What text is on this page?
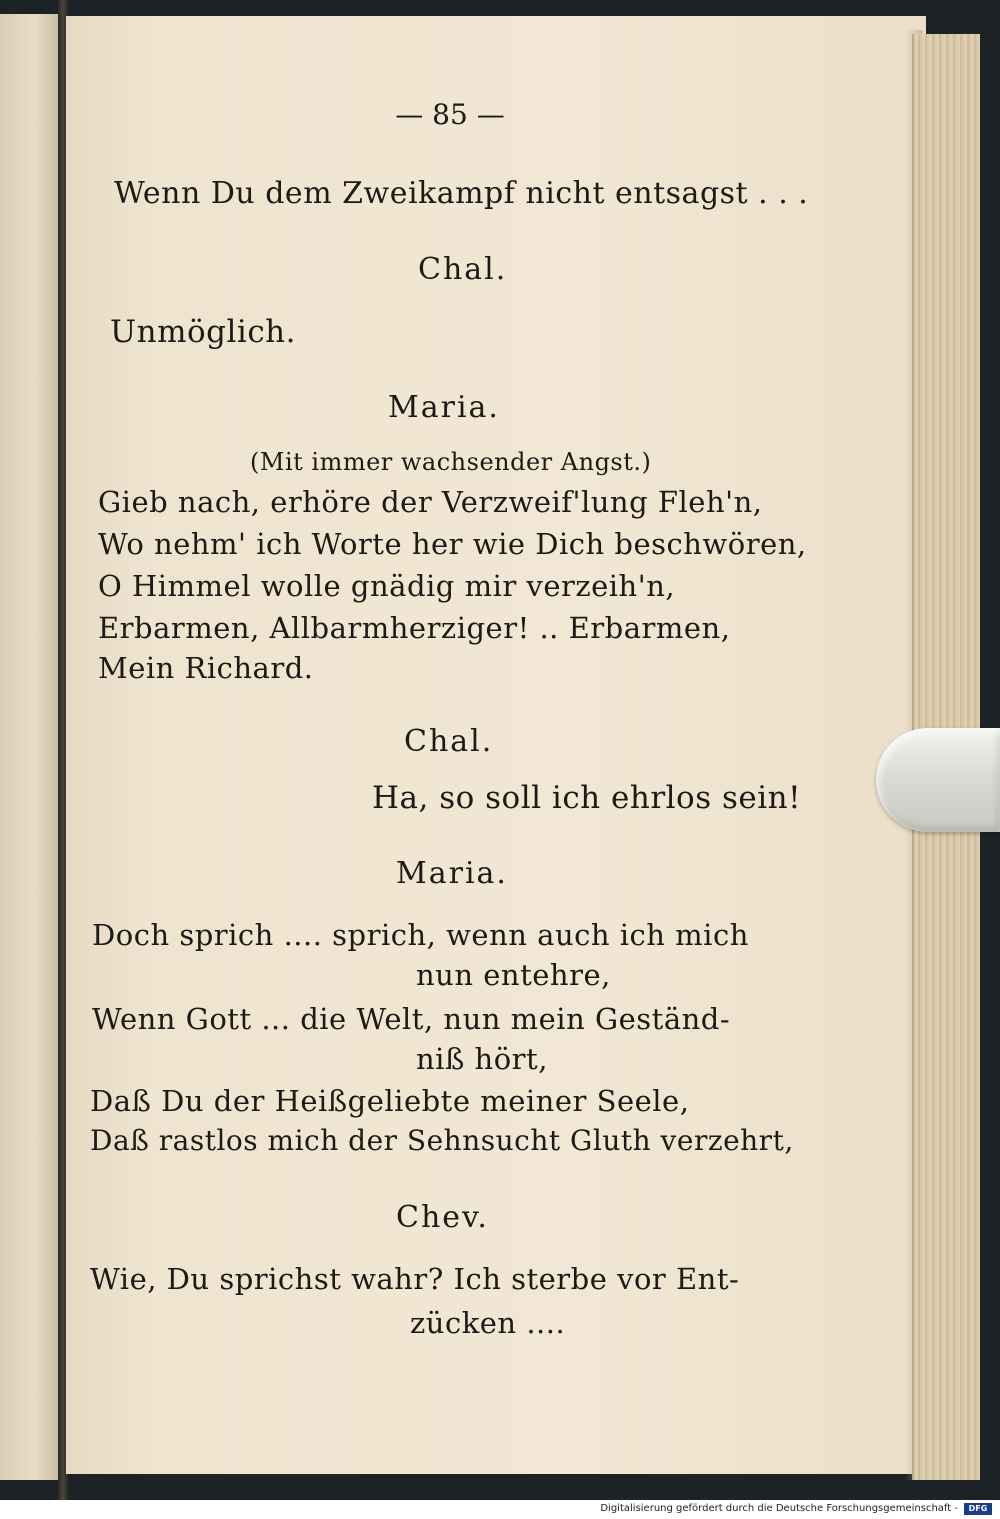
— 85 —
Wenn Du dem Zweikampf nicht entsagst . . .
Chal.
Unmöglich.
Maria.
(Mit immer wachsender Angst.)
Gieb nach, erhöre der Verzweif'lung Fleh'n,
Wo nehm' ich Worte her wie Dich beschwören,
O Himmel wolle gnädig mir verzeih'n,
Erbarmen, Allbarmherziger! .. Erbarmen,
Mein Richard.
Chal.
Ha, so soll ich ehrlos sein!
Maria.
Doch sprich .... sprich, wenn auch ich mich
nun entehre,
Wenn Gott ... die Welt, nun mein Geständ-
niß hört,
Daß Du der Heißgeliebte meiner Seele,
Daß rastlos mich der Sehnsucht Gluth verzehrt,
Chev.
Wie, Du sprichst wahr? Ich sterbe vor Ent-
zücken ....
Digitalisierung gefördert durch die Deutsche Forschungsgemeinschaft -	DFG
